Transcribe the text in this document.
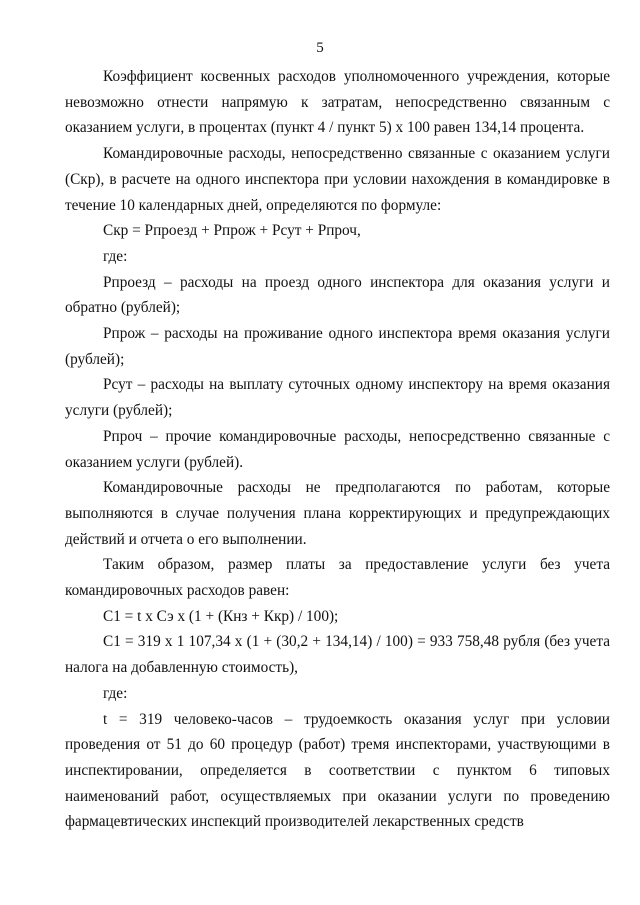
5

Коэффициент косвенных расходов уполномоченного учреждения, которые невозможно отнести напрямую к затратам, непосредственно связанным с оказанием услуги, в процентах (пункт 4 / пункт 5) х 100 равен 134,14 процента.

Командировочные расходы, непосредственно связанные с оказанием услуги (Скр), в расчете на одного инспектора при условии нахождения в командировке в течение 10 календарных дней, определяются по формуле:

Скр = Рпроезд + Рпрож + Рсут + Рпроч,

где:

Рпроезд – расходы на проезд одного инспектора для оказания услуги и обратно (рублей);

Рпрож – расходы на проживание одного инспектора время оказания услуги (рублей);

Рсут – расходы на выплату суточных одному инспектору на время оказания услуги (рублей);

Рпроч – прочие командировочные расходы, непосредственно связанные с оказанием услуги (рублей).

Командировочные расходы не предполагаются по работам, которые выполняются в случае получения плана корректирующих и предупреждающих действий и отчета о его выполнении.

Таким образом, размер платы за предоставление услуги без учета командировочных расходов равен:

С1 = t х Сэ х (1 + (Кнз + Ккр) / 100);

С1 = 319 х 1 107,34 х (1 + (30,2 + 134,14) / 100) = 933 758,48 рубля (без учета налога на добавленную стоимость),

где:

t = 319 человеко-часов – трудоемкость оказания услуг при условии проведения от 51 до 60 процедур (работ) тремя инспекторами, участвующими в инспектировании, определяется в соответствии с пунктом 6 типовых наименований работ, осуществляемых при оказании услуги по проведению фармацевтических инспекций производителей лекарственных средств
